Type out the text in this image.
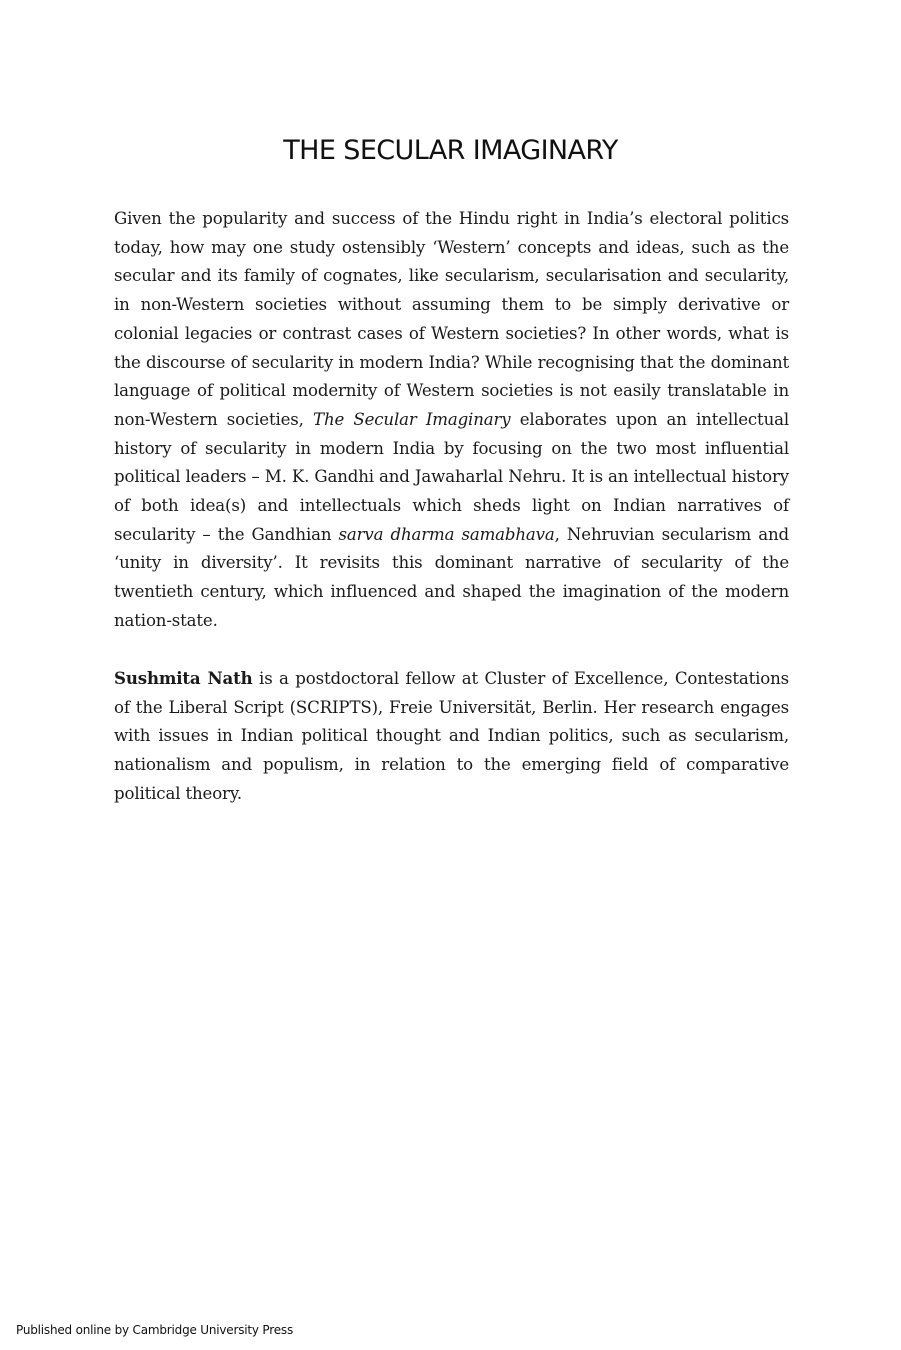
THE SECULAR IMAGINARY

Given the popularity and success of the Hindu right in India’s electoral politics today, how may one study ostensibly ‘Western’ concepts and ideas, such as the secular and its family of cognates, like secularism, secularisation and secularity, in non-Western societies without assuming them to be simply derivative or colonial legacies or contrast cases of Western societies? In other words, what is the discourse of secularity in modern India? While recognising that the dominant language of political modernity of Western societies is not easily translatable in non-Western societies, The Secular Imaginary elaborates upon an intellectual history of secularity in modern India by focusing on the two most influential political leaders – M. K. Gandhi and Jawaharlal Nehru. It is an intellectual history of both idea(s) and intellectuals which sheds light on Indian narratives of secularity – the Gandhian sarva dharma samabhava, Nehruvian secularism and ‘unity in diversity’. It revisits this dominant narrative of secularity of the twentieth century, which influenced and shaped the imagination of the modern nation-state.

Sushmita Nath is a postdoctoral fellow at Cluster of Excellence, Contestations of the Liberal Script (SCRIPTS), Freie Universität, Berlin. Her research engages with issues in Indian political thought and Indian politics, such as secularism, nationalism and populism, in relation to the emerging field of comparative political theory.

Published online by Cambridge University Press
